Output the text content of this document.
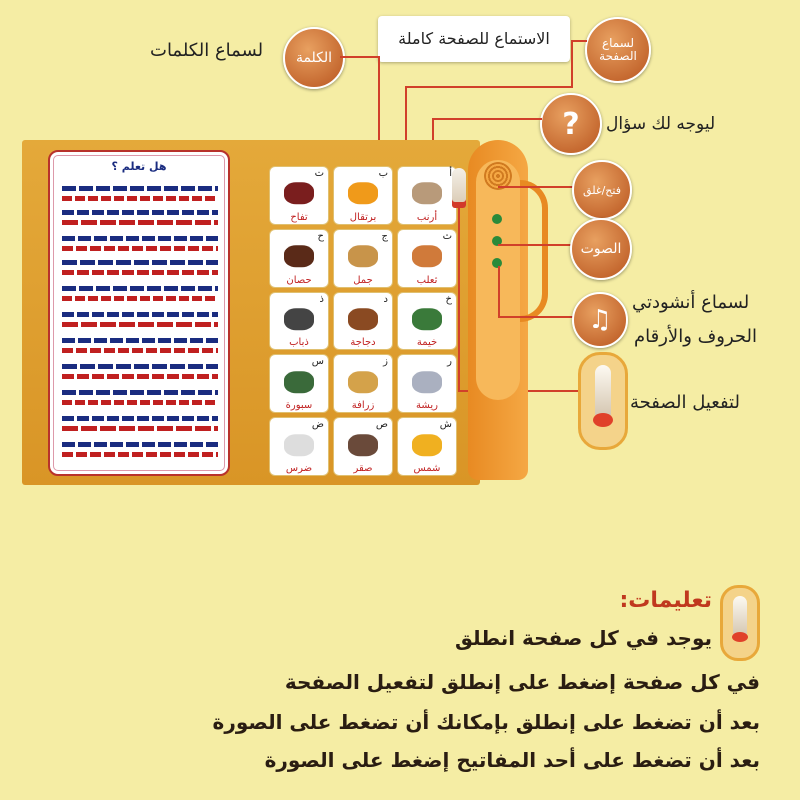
الكلمة
لسماع الكلمات
الاستماع للصفحة كاملة	لسماع الصفحة
?	ليوجه لك سؤال
هل تعلم ؟
أ
أرنب
ب
برتقال
ت
تفاح
ث
ثعلب
ج
جمل
ح
حصان
خ
خيمة
د
دجاجة
ذ
ذباب
ر
ريشة
ز
زرافة
س
سبورة
ش
شمس
ص
صقر
ض
ضرس
فتح/غلق
الصوت
♫
لسماع أنشودتي
الحروف والأرقام
لتفعيل الصفحة
تعليمات:
يوجد في كل صفحة انطلق
في كل صفحة إضغط على إنطلق لتفعيل الصفحة
بعد أن تضغط على إنطلق بإمكانك أن تضغط على الصورة
بعد أن تضغط على أحد المفاتيح إضغط على الصورة
